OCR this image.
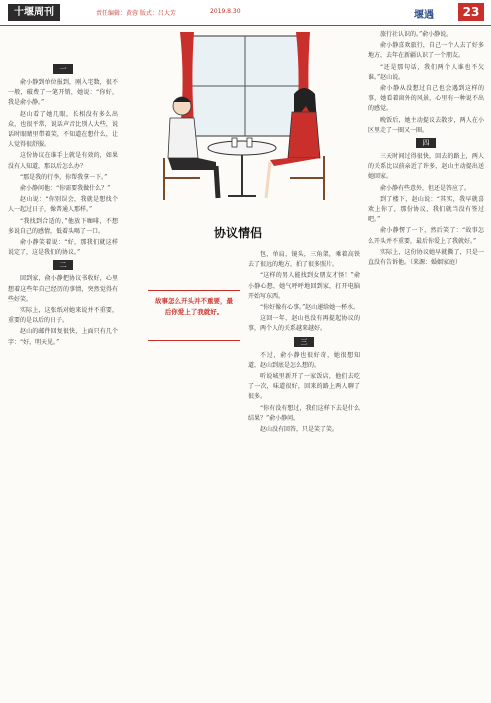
十堰周刊	责任编辑：黄蓉 版式：吕大芳	2019.8.30	堰遇	23
一

俞小静到单位报到，刚入宅数，很不一般，破费了一笔开销，她说：“你好，我是俞小静。”

赵山看了她几眼，长相没有多么出众，也很平常，说话声音比别人大些，说话时眼睛里带着笑，不知道在想什么，让人觉得很舒服。

这份协议在谁手上就是有效的，如果没有人知道，那以后怎么办？

“那是我的行李，你帮我拿一下。”

俞小静问他：“你需要我做什么？”

赵山说：“你别误会，我就是想找个人一起过日子，像普通人那样。”

“我找到合适的，”他放下咖啡，不想多说自己的感情，低着头喝了一口。

俞小静笑着说：“好，那我们就这样说定了，这是我们的协议。”

二

回到家，俞小静把协议书收好，心里想着这些年自己经历的事情，突然觉得有些好笑。

实际上，这张纸对她来说并不重要，重要的是以后的日子。

赵山的邮件回复很快，上面只有几个字：“好，明天见。”

协议情侣
故事怎么开头并不重要，最后你爱上了我就好。

包，单肩，镜头，三角架，乘着高铁去了很远的地方，拍了很多照片。

“这样的男人能找到女朋友才怪！”俞小静心想，她气呼呼地回到家，打开电脑开始写东西。

“你好像有心事。”赵山递给她一杯水。

这回一年，赵山也没有再提起协议的事，两个人的关系越来越好。

三

不过，俞小静也很好奇，她很想知道，赵山到底是怎么想的。

听说城里新开了一家饭店，他们去吃了一次，味道很好，回来的路上两人聊了很多。

“你有没有想过，我们这样下去是什么结果？”俞小静问。

赵山没有回答，只是笑了笑。

旅行社认识的。”俞小静说。

俞小静喜欢旅行，自己一个人去了好多地方，去年在新疆认识了一个朋友。

“还是那句话，我们两个人谁也不欠谁。”赵山说。

俞小静从没想过自己也会遇到这样的事，她看着窗外的风景，心里有一种说不出的感觉。

晚饭后，她主动提议去散步，两人在小区里走了一圈又一圈。

四

三天时间过得很快，回去的路上，两人的关系比以前亲近了许多，赵山主动提出送她回家。

俞小静有些意外，但还是答应了。

到了楼下，赵山说：“其实，我早就喜欢上你了，那份协议，我们就当没有签过吧。”

俞小静愣了一下，然后笑了：“故事怎么开头并不重要，最后你爱上了我就好。”

实际上，这份协议她早就撕了，只是一直没有告诉他。（来源：婚姻家庭）
